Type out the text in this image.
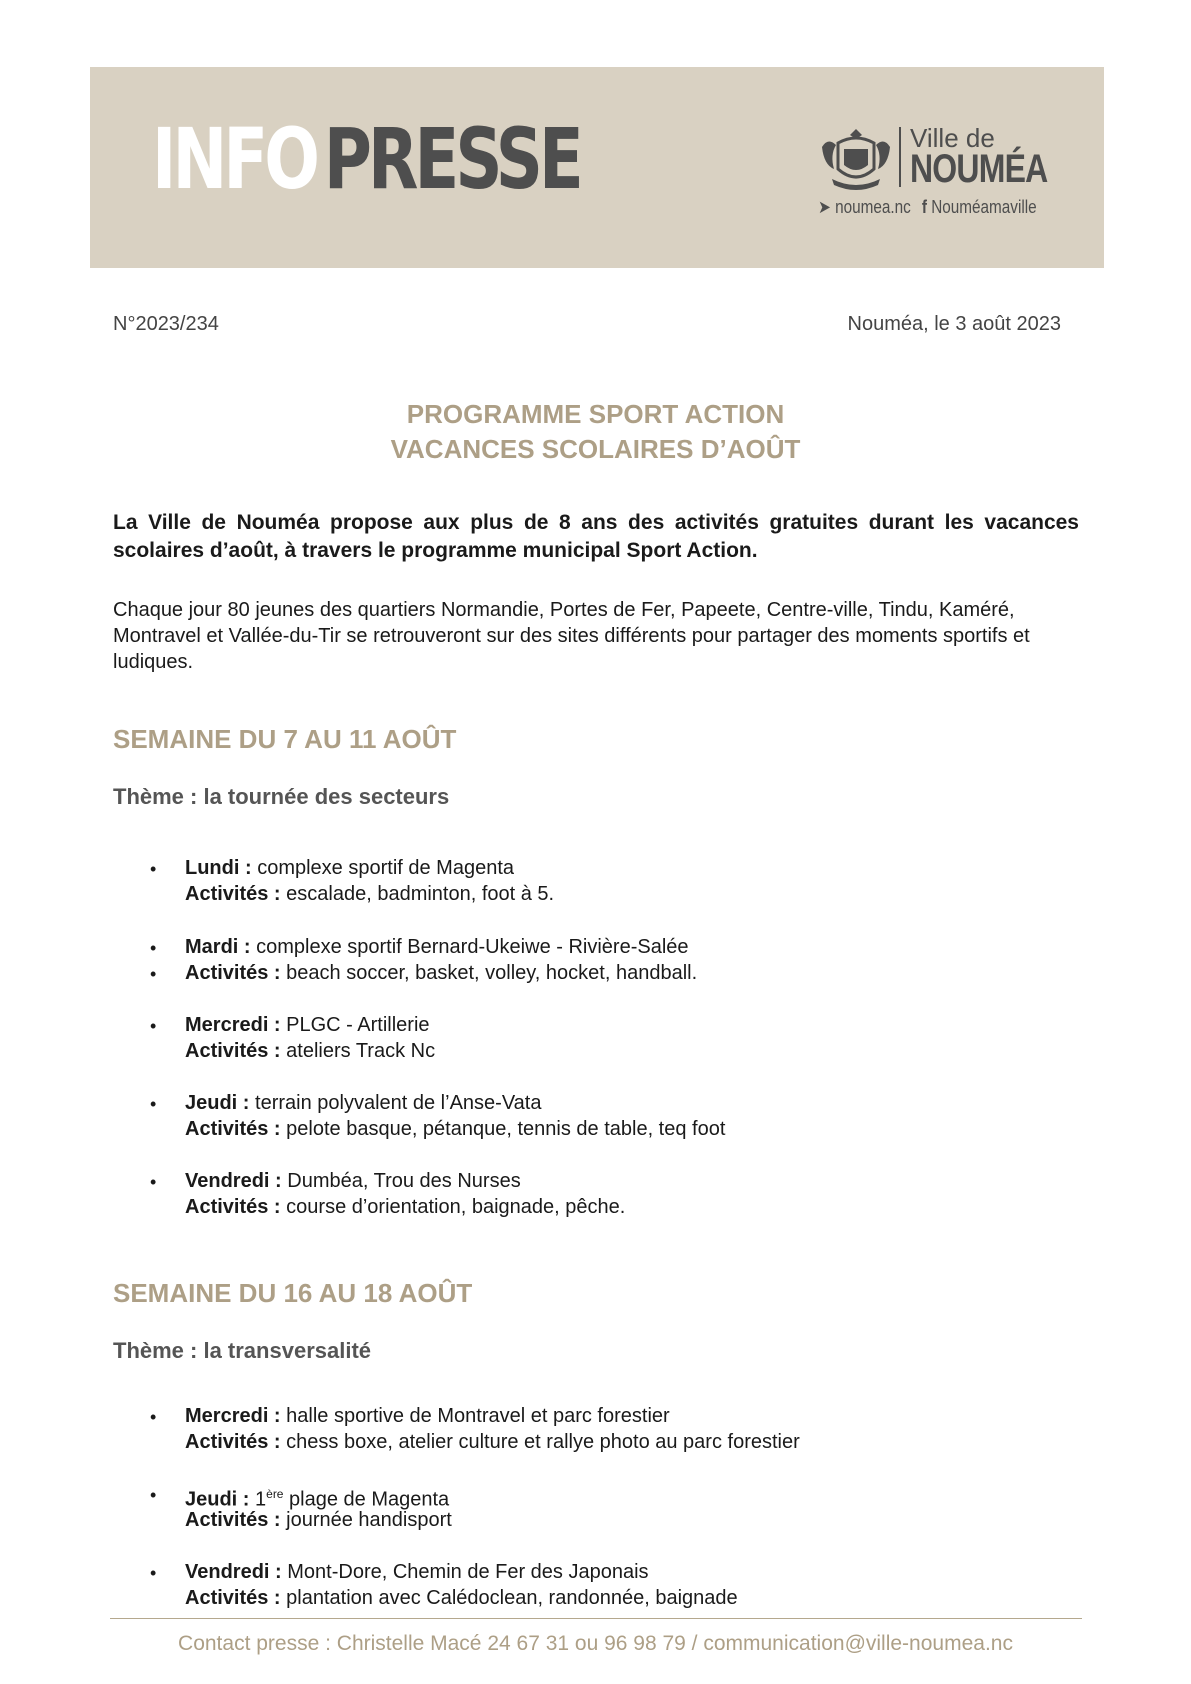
INFOPRESSE	Ville de
NOUMÉA
➤ noumea.nc f Nouméamaville
N°2023/234	Nouméa, le 3 août 2023
PROGRAMME SPORT ACTION
VACANCES SCOLAIRES D’AOÛT
La Ville de Nouméa propose aux plus de 8 ans des activités gratuites durant les vacances scolaires d’août, à travers le programme municipal Sport Action.
Chaque jour 80 jeunes des quartiers Normandie, Portes de Fer, Papeete, Centre-ville, Tindu, Kaméré, Montravel et Vallée-du-Tir se retrouveront sur des sites différents pour partager des moments sportifs et ludiques.
SEMAINE DU 7 AU 11 AOÛT
Thème : la tournée des secteurs
• Lundi : complexe sportif de Magenta
Activités : escalade, badminton, foot à 5.
• Mardi : complexe sportif Bernard-Ukeiwe - Rivière-Salée
• Activités : beach soccer, basket, volley, hocket, handball.
• Mercredi : PLGC - Artillerie
Activités : ateliers Track Nc
• Jeudi : terrain polyvalent de l’Anse-Vata
Activités : pelote basque, pétanque, tennis de table, teq foot
• Vendredi : Dumbéa, Trou des Nurses
Activités : course d’orientation, baignade, pêche.
SEMAINE DU 16 AU 18 AOÛT
Thème : la transversalité
• Mercredi : halle sportive de Montravel et parc forestier
Activités : chess boxe, atelier culture et rallye photo au parc forestier
• Jeudi : 1ère plage de Magenta
Activités : journée handisport
• Vendredi : Mont-Dore, Chemin de Fer des Japonais
Activités : plantation avec Calédoclean, randonnée, baignade
Contact presse : Christelle Macé 24 67 31 ou 96 98 79 / communication@ville-noumea.nc
